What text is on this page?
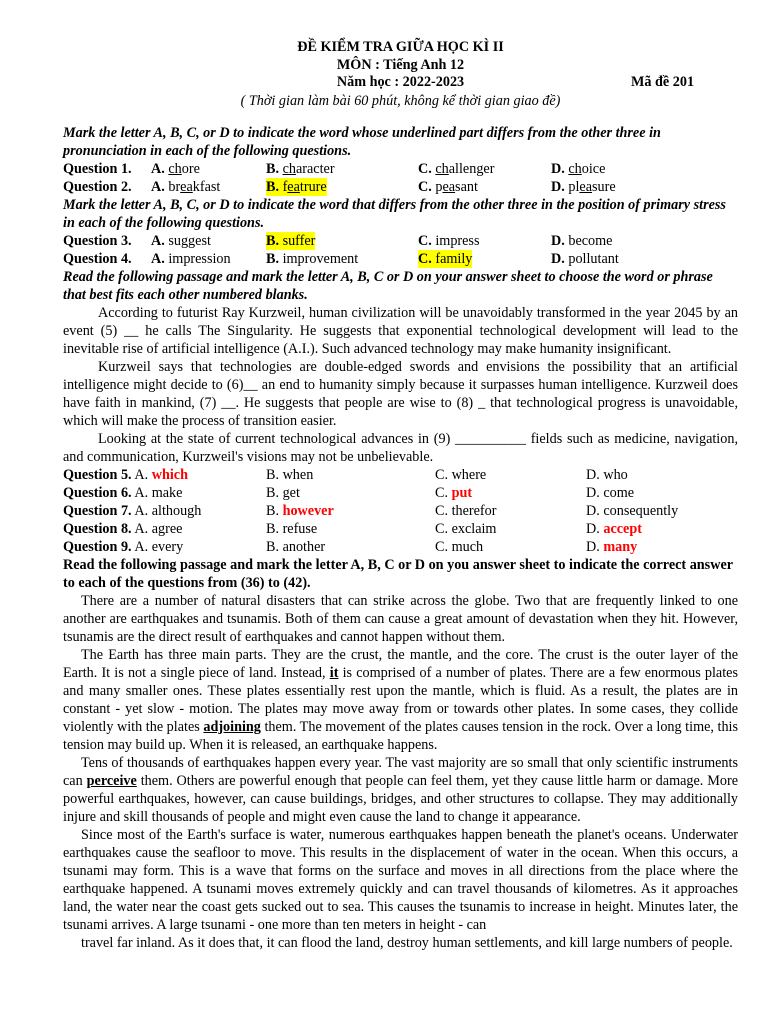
ĐỀ KIỂM TRA GIỮA HỌC KÌ II
MÔN : Tiếng Anh 12
Năm học : 2022-2023	Mã đề 201
( Thời gian làm bài 60 phút, không kể thời gian giao đề)
Mark the letter A, B, C, or D to indicate the word whose underlined part differs from the other three in pronunciation in each of the following questions.
Question 1. A. chore	B. character	C. challenger	D. choice
Question 2. A. breakfast	B. featrure	C. peasant	D. pleasure
Mark the letter A, B, C, or D to indicate the word that differs from the other three in the position of primary stress in each of the following questions.
Question 3. A. suggest	B. suffer	C. impress	D. become
Question 4. A. impression B. improvement	C. family	D. pollutant
Read the following passage and mark the letter A, B, C or D on your answer sheet to choose the word or phrase that best fits each other numbered blanks.

According to futurist Ray Kurzweil, human civilization will be unavoidably transformed in the year 2045 by an event (5) __ he calls The Singularity. He suggests that exponential technological development will lead to the inevitable rise of artificial intelligence (A.I.). Such advanced technology may make humanity insignificant.

Kurzweil says that technologies are double-edged swords and envisions the possibility that an artificial intelligence might decide to (6)__ an end to humanity simply because it surpasses human intelligence. Kurzweil does have faith in mankind, (7) __. He suggests that people are wise to (8) _ that technological progress is unavoidable, which will make the process of transition easier.

Looking at the state of current technological advances in (9) __________ fields such as medicine, navigation, and communication, Kurzweil's visions may not be unbelievable.

Question 5. A. which	B. when	C. where	D. who
Question 6. A. make	B. get	C. put	D. come
Question 7. A. although	B. however	C. therefor	D. consequently
Question 8. A. agree	B. refuse	C. exclaim	D. accept
Question 9. A. every	B. another	C. much	D. many
Read the following passage and mark the letter A, B, C or D on you answer sheet to indicate the correct answer to each of the questions from (36) to (42).

There are a number of natural disasters that can strike across the globe. Two that are frequently linked to one another are earthquakes and tsunamis. Both of them can cause a great amount of devastation when they hit. However, tsunamis are the direct result of earthquakes and cannot happen without them.

The Earth has three main parts. They are the crust, the mantle, and the core. The crust is the outer layer of the Earth. It is not a single piece of land. Instead, it is comprised of a number of plates. There are a few enormous plates and many smaller ones. These plates essentially rest upon the mantle, which is fluid. As a result, the plates are in constant - yet slow - motion. The plates may move away from or towards other plates. In some cases, they collide violently with the plates adjoining them. The movement of the plates causes tension in the rock. Over a long time, this tension may build up. When it is released, an earthquake happens.

Tens of thousands of earthquakes happen every year. The vast majority are so small that only scientific instruments can perceive them. Others are powerful enough that people can feel them, yet they cause little harm or damage. More powerful earthquakes, however, can cause buildings, bridges, and other structures to collapse. They may additionally injure and skill thousands of people and might even cause the land to change it appearance.

Since most of the Earth's surface is water, numerous earthquakes happen beneath the planet's oceans. Underwater earthquakes cause the seafloor to move. This results in the displacement of water in the ocean. When this occurs, a tsunami may form. This is a wave that forms on the surface and moves in all directions from the place where the earthquake happened. A tsunami moves extremely quickly and can travel thousands of kilometres. As it approaches land, the water near the coast gets sucked out to sea. This causes the tsunamis to increase in height. Minutes later, the tsunami arrives. A large tsunami - one more than ten meters in height - can

travel far inland. As it does that, it can flood the land, destroy human settlements, and kill large numbers of people.
